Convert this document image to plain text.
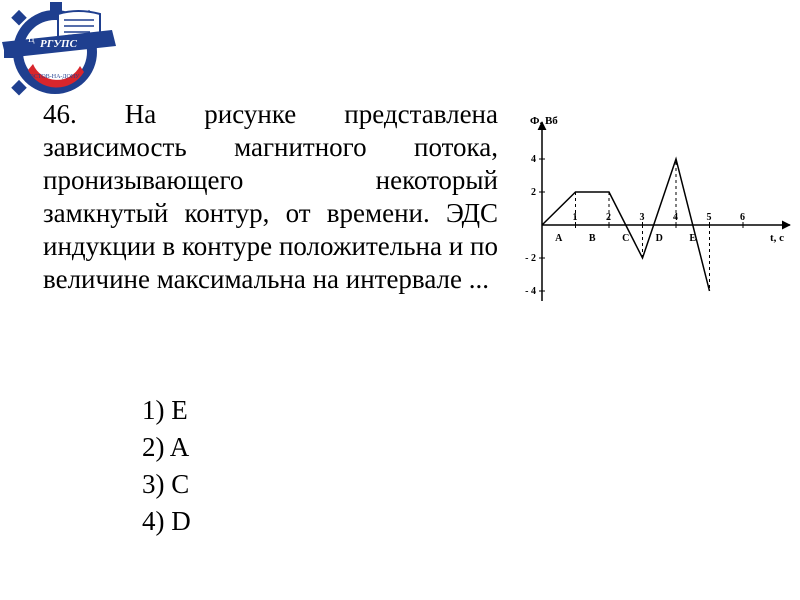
РГУПС
Ц
РОСТОВ-НА-ДОНУ
46. На рисунке представлена зависимость магнитного потока, пронизывающего некоторый замкнутый контур, от времени. ЭДС индукции в контуре положительна и по величине максимальна на интервале ...
1) E
2) A
3) C
4) D
Ф, Вб
t, c
1	2	3	4	5	6
4
2
- 2
- 4
A	B	C	D	E
